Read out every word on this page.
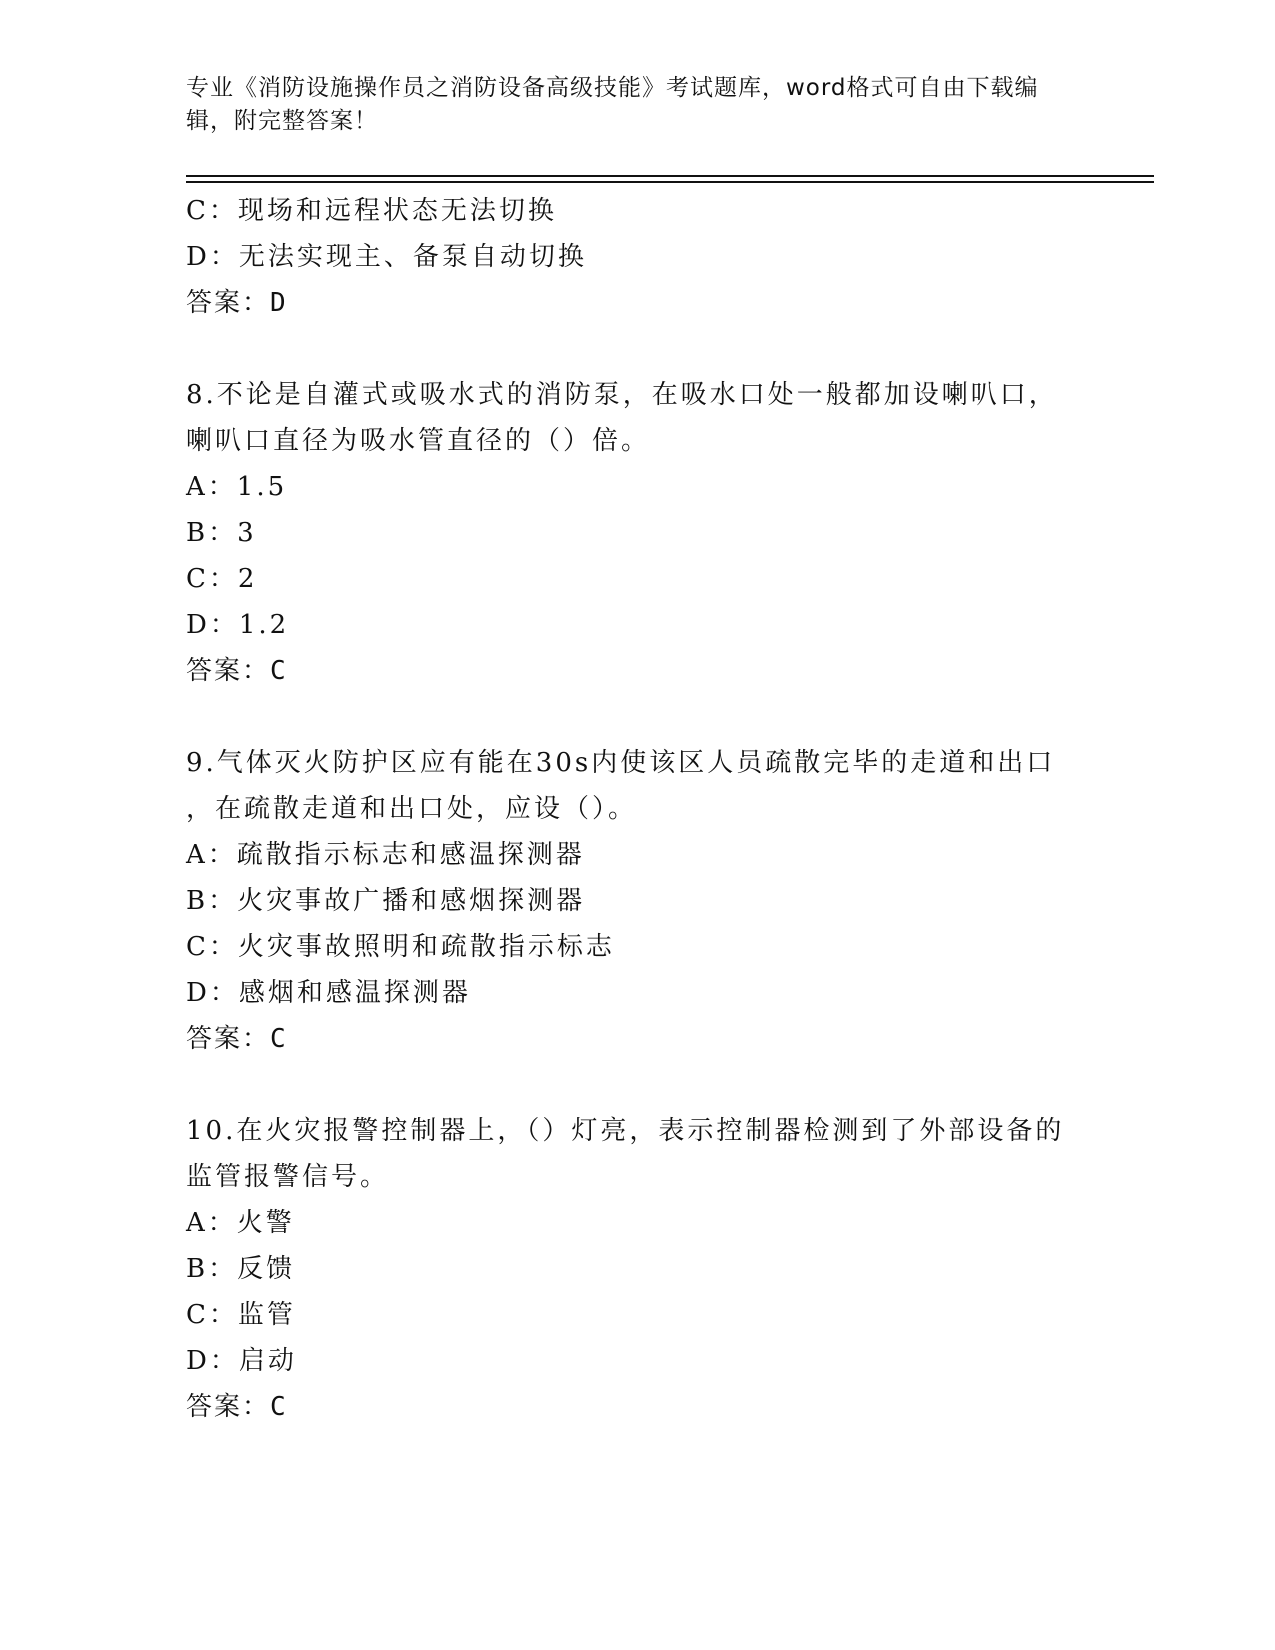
专业《消防设施操作员之消防设备高级技能》考试题库，word格式可自由下载编
辑，附完整答案！
C：现场和远程状态无法切换
D：无法实现主、备泵自动切换
答案：D
8.不论是自灌式或吸水式的消防泵，在吸水口处一般都加设喇叭口，
喇叭口直径为吸水管直径的（）倍。
A：1.5
B：3
C：2
D：1.2
答案：C
9.气体灭火防护区应有能在30s内使该区人员疏散完毕的走道和出口
，在疏散走道和出口处，应设（）。
A：疏散指示标志和感温探测器
B：火灾事故广播和感烟探测器
C：火灾事故照明和疏散指示标志
D：感烟和感温探测器
答案：C
10.在火灾报警控制器上，（）灯亮，表示控制器检测到了外部设备的
监管报警信号。
A：火警
B：反馈
C：监管
D：启动
答案：C
